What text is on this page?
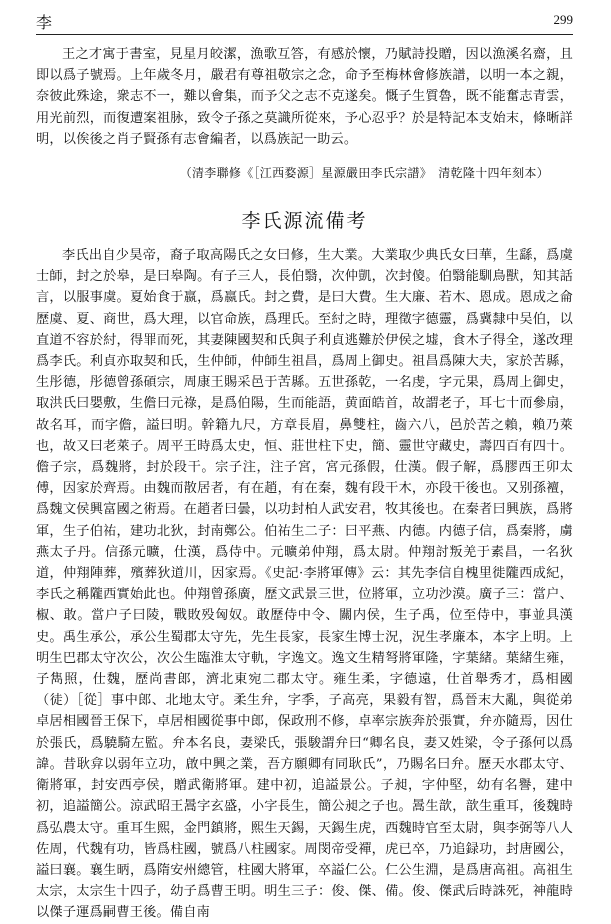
李	299

王之才寓于書室，見星月皎潔，漁歌互答，有感於懷，乃賦詩投贈，因以漁溪名齋，且即以爲子號焉。上年歲冬月，嚴君有尊祖敬宗之念，命予至梅林會修族譜，以明一本之親，奈彼此殊途，衆志不一，難以會集，而予父之志不克遂矣。慨子生質魯，既不能奮志青雲，用光前烈，而復遭案祖脉，致令子孫之莫識所從來，予心忍乎？於是特記本支始末，條晰詳明，以俟後之肖子賢孫有志會編者，以爲族記一助云。

（清李聯修《［江西婺源］星源嚴田李氏宗譜》　清乾隆十四年刻本）
李氏源流備考

李氏出自少昊帝，裔子取高陽氏之女曰修，生大業。大業取少典氏女曰華，生繇，爲虞士師，封之於皋，是曰皋陶。有子三人，長伯翳，次仲凱，次封傻。伯翳能馴鳥獸，知其話言，以服事虞。夏始食于嬴，爲嬴氏。封之費，是曰大費。生大廉、若木、恩成。恩成之侖歷虞、夏、商世，爲大理，以官命族，爲理氏。至紂之時，理徵字德靈，爲冀隸中吴伯，以直道不容於紂，得罪而死，其妻陳國契和氏與子利貞逃難於伊侯之墟，食木子得全，遂改理爲李氏。利貞亦取契和氏，生仲師，仲師生祖昌，爲周上御史。祖昌爲陳大夫，家於苦縣，生彤德，彤德曾孫碩宗，周康王賜采邑于苦縣。五世孫乾，一名虔，字元果，爲周上御史，取洪氏曰嬰敷，生儋曰元祿，是爲伯陽，生而能語，黄面皓首，故謂老子，耳七十而參扇，故名耳，而字儋，謚曰明。幹籍九尺，方章長眉，鼻雙柱，齒六八，邑於苦之賴，賴乃萊也，故又曰老萊子。周平王時爲太史，恒、莊世柱下史，簡、靈世守藏史，壽四百有四十。儋子宗，爲魏將，封於段干。宗子注，注子宮，宮元孫假，仕漢。假子解，爲膠西王卯太傅，因家於齊焉。由魏而散居者，有在趙，有在秦，魏有段干木，亦段干後也。又别孫襢，爲魏文侯興富國之術焉。在趙者曰曇，以功封柏人武安君，牧其後也。在秦者曰興族，爲將軍，生子伯祐，建功北狄，封南鄭公。伯祐生二子：曰平燕、内德。内德子信，爲秦將，虜燕太子丹。信孫元曠，仕漢，爲侍中。元曠弟仲翔，爲太尉。仲翔討叛羌于素昌，一名狄道，仲翔陣葬，殯葬狄道川，因家焉。《史記·李將軍傳》云：其先李信自槐里徙隴西成紀，李氏之稱隴西實始此也。仲翔曾孫廣，歷文武景三世，位將軍，立功沙漠。廣子三：當户、椒、敢。當户子曰陵，戰敗殁匈奴。敢歷侍中令、關内侯，生子禹，位至侍中，事並具漢史。禹生承公，承公生蜀郡太守先，先生長家，長家生博士況，況生孝廉本，本字上明。上明生巴郡太守次公，次公生臨淮太守軌，字逸文。逸文生精弩將軍隆，字葉緒。葉緒生雍，子雋照，仕魏，歷尚書郎，濟北東宛二郡太守。雍生柔，字德遠，仕首舉秀才，爲相國（徒）［從］事中郎、北地太守。柔生弁，字季，子高亮，果毅有智，爲晉末大亂，與從弟卓居相國晉王保下，卓居相國從事中郎，保政刑不修，卓率宗族奔於張實，弁亦隨焉，因仕於張氏，爲驍騎左監。弁本名良，妻梁氏，張駿謂弁曰“卿名良，妻又姓梁，令子孫何以爲諱。昔耿弇以弱年立功，啟中興之業，吾方願卿有同耿氏”，乃賜名曰弁。歷天水郡太守、衛將軍，封安西亭侯，贈武衛將軍。建中初，追謚景公。子昶，字仲堅，幼有名譽，建中初，追謚簡公。涼武昭王暠字玄盛，小字長生，簡公昶之子也。暠生歆，歆生重耳，後魏時爲弘農太守。重耳生熙，金門鎮將，熙生天錫，天錫生虎，西魏時官至太尉，與李弼等八人佐周，代魏有功，皆爲柱國，號爲八柱國家。周閔帝受禪，虎已卒，乃追録功，封唐國公，謚曰襄。襄生昞，爲隋安州總管，柱國大將軍，卒謚仁公。仁公生淵，是爲唐高祖。高祖生太宗，太宗生十四子，幼子爲曹王明。明生三子：俊、傑、備。俊、傑武后時誅死，神龍時以傑子運爲嗣曹王後。備自南
